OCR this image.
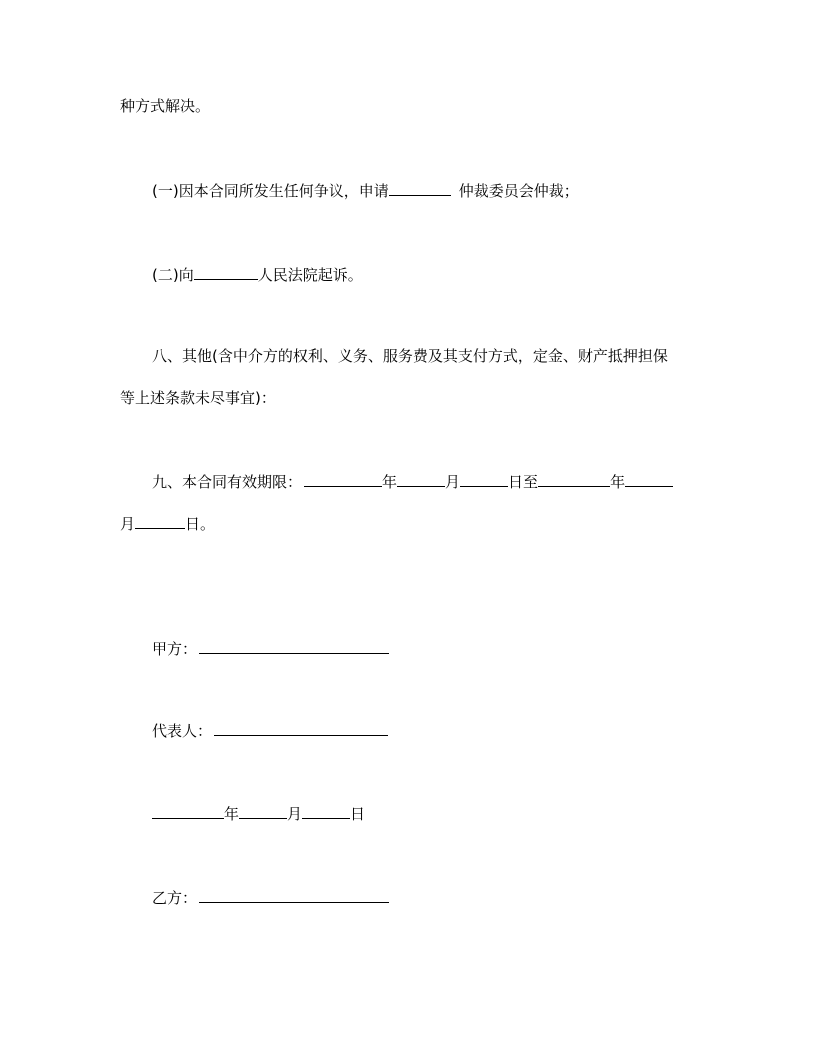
种方式解决。
(一)因本合同所发生任何争议，申请	仲裁委员会仲裁；
(二)向	人民法院起诉。
八、其他(含中介方的权利、义务、服务费及其支付方式，定金、财产抵押担保
等上述条款未尽事宜)：
九、本合同有效期限：	年	月	日至	年
月	日。
甲方：
代表人：
年	月	日
乙方：
